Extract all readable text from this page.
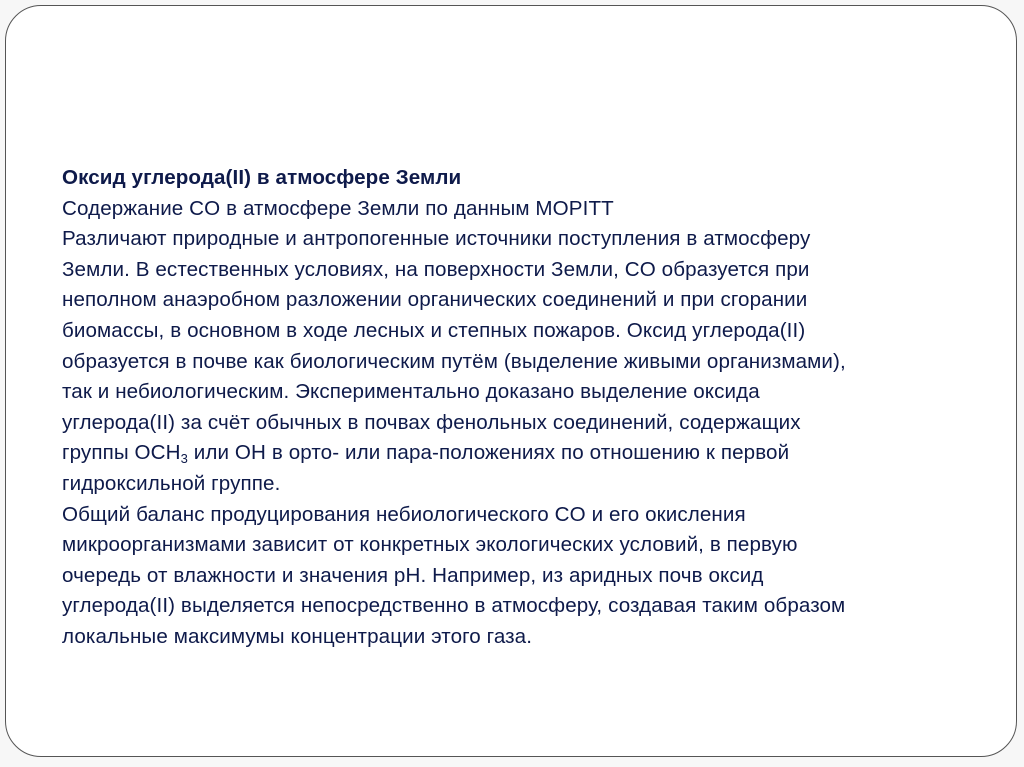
Оксид углерода(II) в атмосфере Земли
Содержание CO в атмосфере Земли по данным MOPITT
Различают природные и антропогенные источники поступления в атмосферу
Земли. В естественных условиях, на поверхности Земли, CO образуется при
неполном анаэробном разложении органических соединений и при сгорании
биомассы, в основном в ходе лесных и степных пожаров. Оксид углерода(II)
образуется в почве как биологическим путём (выделение живыми организмами),
так и небиологическим. Экспериментально доказано выделение оксида
углерода(II) за счёт обычных в почвах фенольных соединений, содержащих
группы $OCH_3$ или OH в орто- или пара-положениях по отношению к первой
гидроксильной группе.
Общий баланс продуцирования небиологического CO и его окисления
микроорганизмами зависит от конкретных экологических условий, в первую
очередь от влажности и значения pH. Например, из аридных почв оксид
углерода(II) выделяется непосредственно в атмосферу, создавая таким образом
локальные максимумы концентрации этого газа.
